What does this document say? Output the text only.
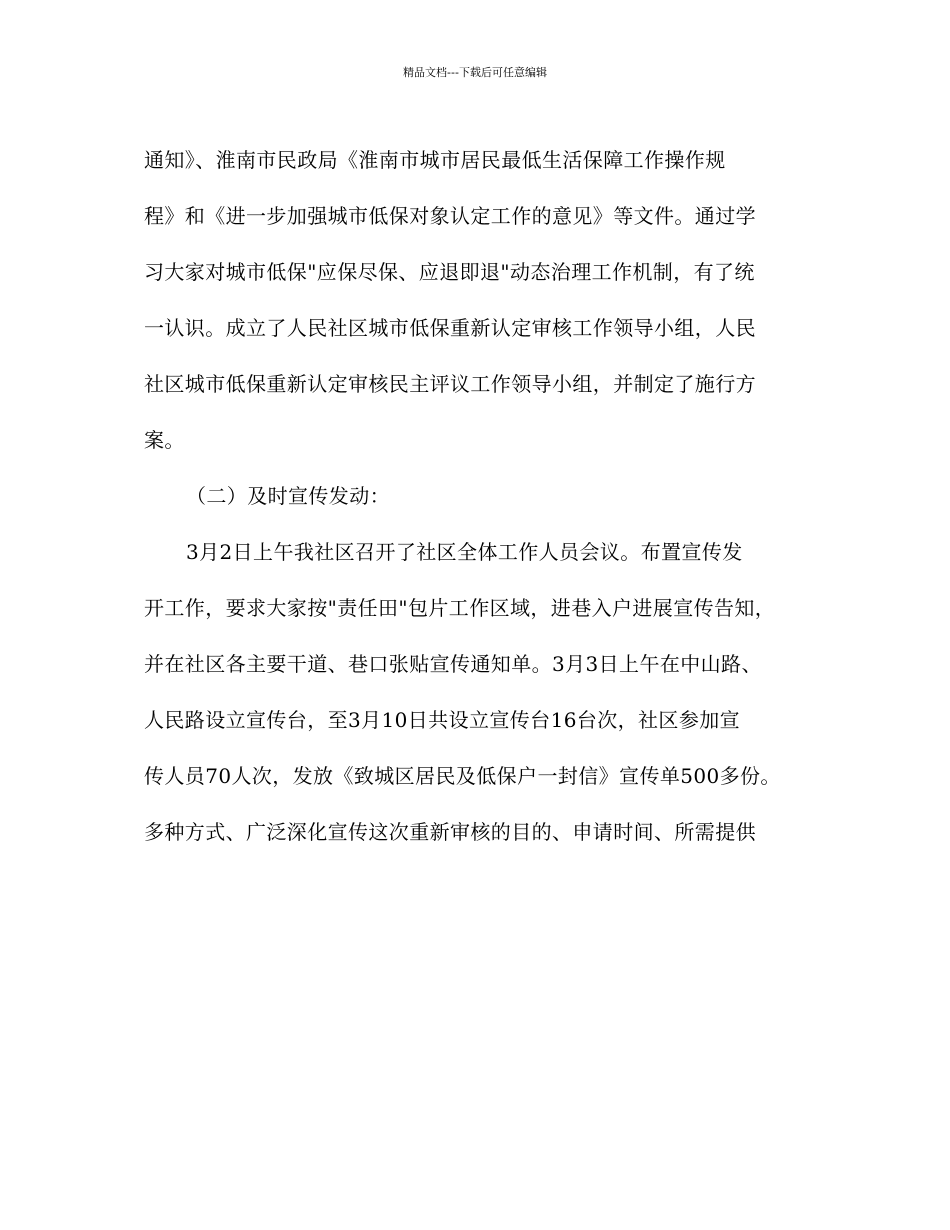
精品文档---下载后可任意编辑
通知》、淮南市民政局《淮南市城市居民最低生活保障工作操作规
程》和《进一步加强城市低保对象认定工作的意见》等文件。通过学
习大家对城市低保"应保尽保、应退即退"动态治理工作机制，有了统
一认识。成立了人民社区城市低保重新认定审核工作领导小组，人民
社区城市低保重新认定审核民主评议工作领导小组，并制定了施行方
案。
（二）及时宣传发动：
3月2日上午我社区召开了社区全体工作人员会议。布置宣传发
开工作，要求大家按"责任田"包片工作区域，进巷入户进展宣传告知，
并在社区各主要干道、巷口张贴宣传通知单。3月3日上午在中山路、
人民路设立宣传台，至3月10日共设立宣传台16台次，社区参加宣
传人员70人次，发放《致城区居民及低保户一封信》宣传单500多份。
多种方式、广泛深化宣传这次重新审核的目的、申请时间、所需提供
